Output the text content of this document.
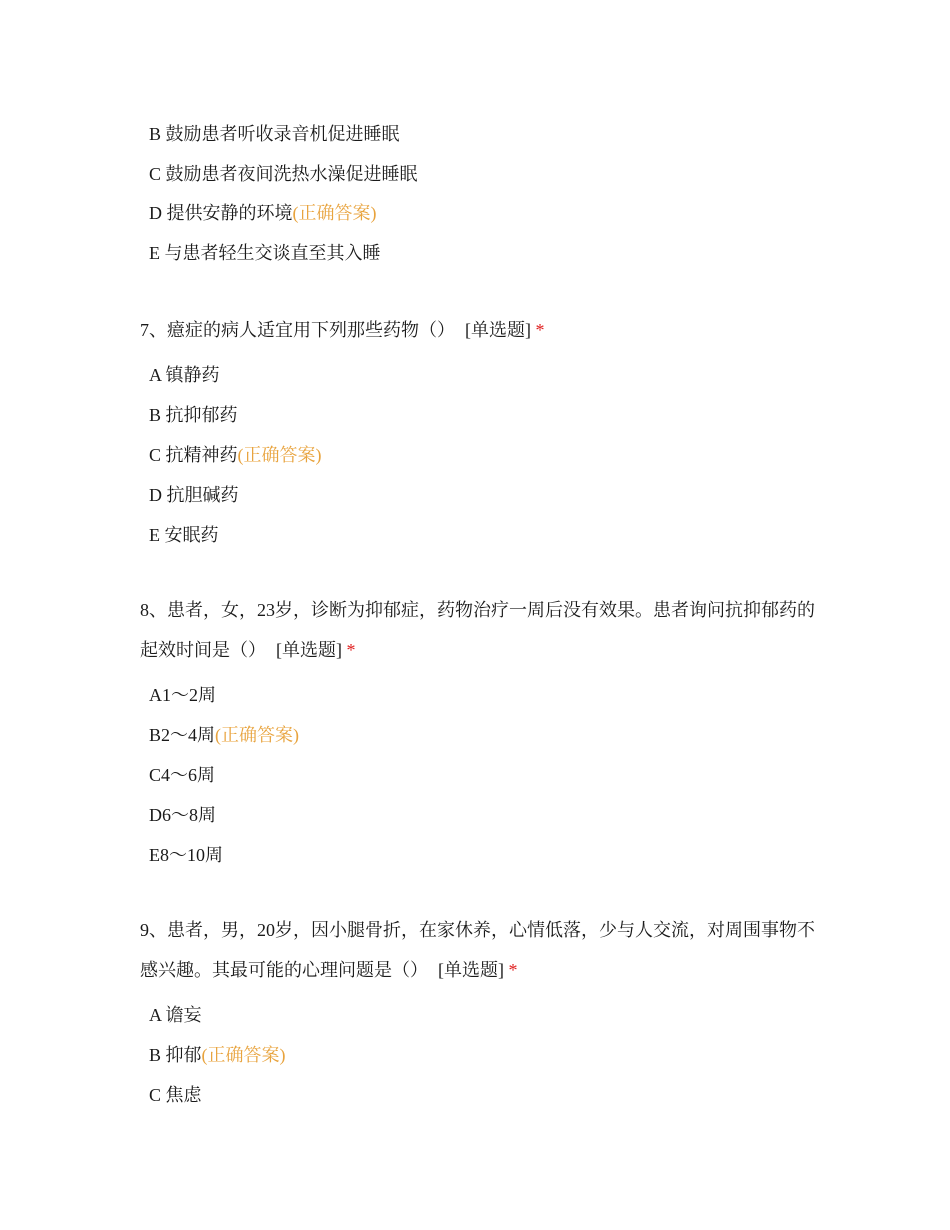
B 鼓励患者听收录音机促进睡眠
C 鼓励患者夜间洗热水澡促进睡眠
D 提供安静的环境(正确答案)
E 与患者轻生交谈直至其入睡
7、癔症的病人适宜用下列那些药物（） [单选题] *
A 镇静药
B 抗抑郁药
C 抗精神药(正确答案)
D 抗胆碱药
E 安眠药
8、患者，女，23岁，诊断为抑郁症，药物治疗一周后没有效果。患者询问抗抑郁药的起效时间是（） [单选题] *
A1～2周
B2～4周(正确答案)
C4～6周
D6～8周
E8～10周
9、患者，男，20岁，因小腿骨折，在家休养，心情低落，少与人交流，对周围事物不感兴趣。其最可能的心理问题是（） [单选题] *
A 谵妄
B 抑郁(正确答案)
C 焦虑
